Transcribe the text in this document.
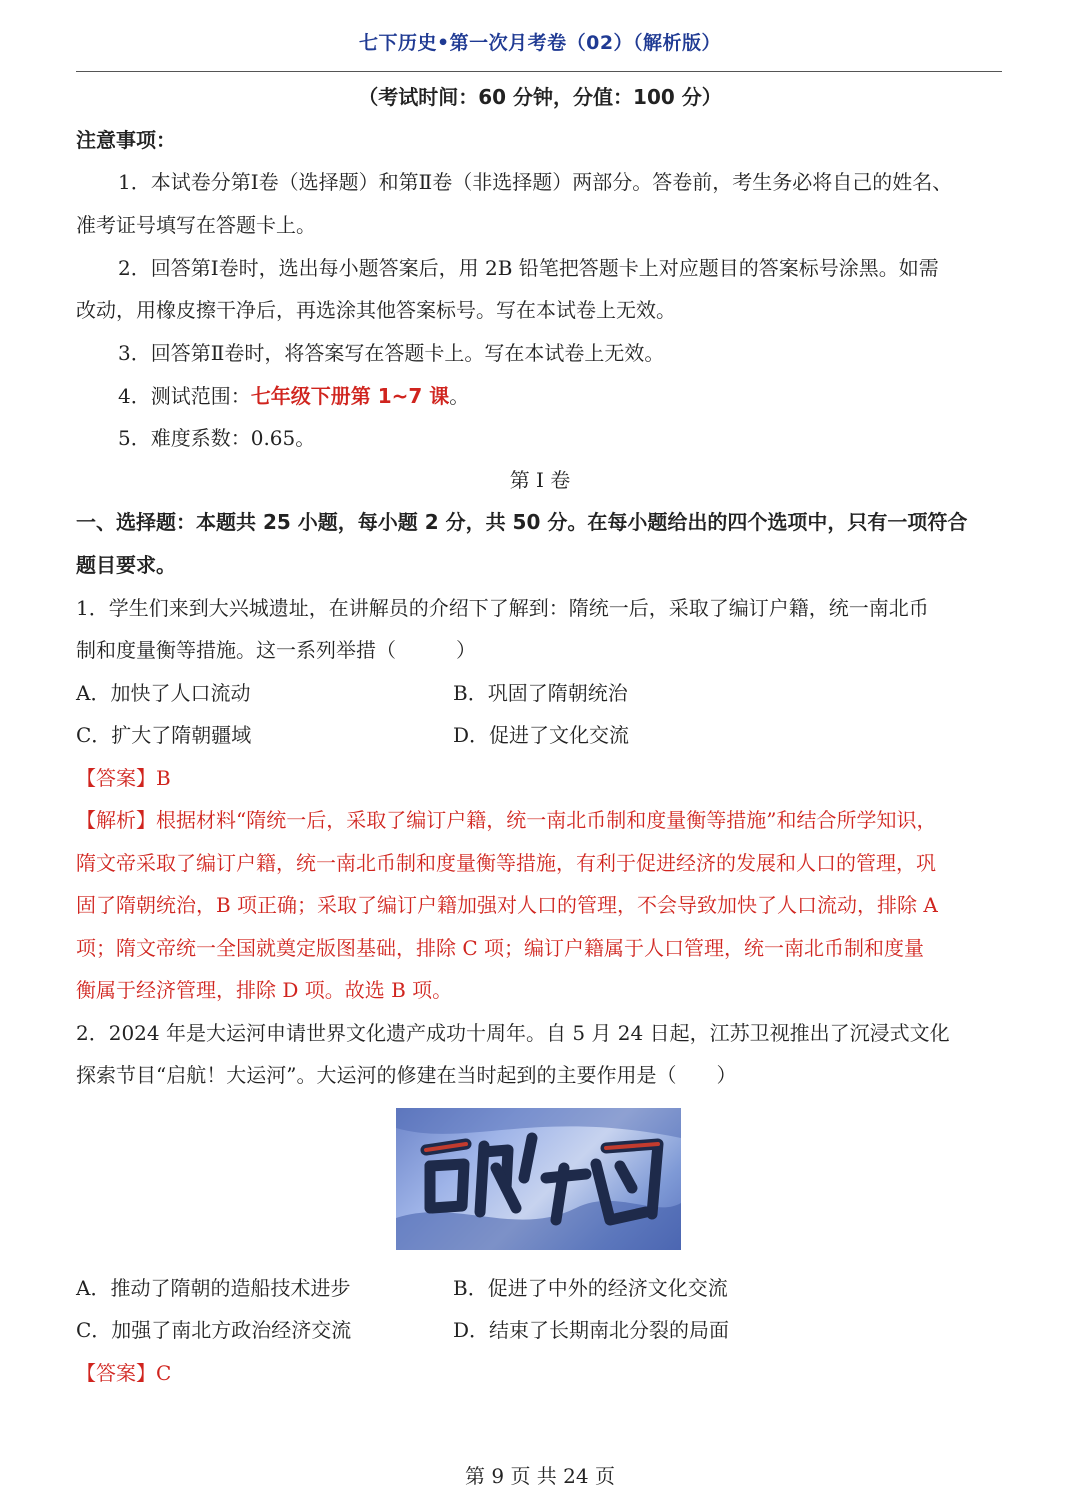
七下历史•第一次月考卷（02）（解析版）
（考试时间：60 分钟，分值：100 分）
注意事项：
1．本试卷分第Ⅰ卷（选择题）和第Ⅱ卷（非选择题）两部分。答卷前，考生务必将自己的姓名、
准考证号填写在答题卡上。
2．回答第Ⅰ卷时，选出每小题答案后，用 2B 铅笔把答题卡上对应题目的答案标号涂黑。如需
改动，用橡皮擦干净后，再选涂其他答案标号。写在本试卷上无效。
3．回答第Ⅱ卷时，将答案写在答题卡上。写在本试卷上无效。
4．测试范围：七年级下册第 1~7 课。
5．难度系数：0.65。
第 I 卷
一、选择题：本题共 25 小题，每小题 2 分，共 50 分。在每小题给出的四个选项中，只有一项符合
题目要求。
1．学生们来到大兴城遗址，在讲解员的介绍下了解到：隋统一后，采取了编订户籍，统一南北币
制和度量衡等措施。这一系列举措（　　　）
A．加快了人口流动	B．巩固了隋朝统治
C．扩大了隋朝疆域	D．促进了文化交流
【答案】B
【解析】根据材料“隋统一后，采取了编订户籍，统一南北币制和度量衡等措施”和结合所学知识，
隋文帝采取了编订户籍，统一南北币制和度量衡等措施，有利于促进经济的发展和人口的管理，巩
固了隋朝统治，B 项正确；采取了编订户籍加强对人口的管理，不会导致加快了人口流动，排除 A
项；隋文帝统一全国就奠定版图基础，排除 C 项；编订户籍属于人口管理，统一南北币制和度量
衡属于经济管理，排除 D 项。故选 B 项。
2．2024 年是大运河申请世界文化遗产成功十周年。自 5 月 24 日起，江苏卫视推出了沉浸式文化
探索节目“启航！大运河”。大运河的修建在当时起到的主要作用是（　　）
A．推动了隋朝的造船技术进步	B．促进了中外的经济文化交流
C．加强了南北方政治经济交流	D．结束了长期南北分裂的局面
【答案】C
第 9 页 共 24 页
